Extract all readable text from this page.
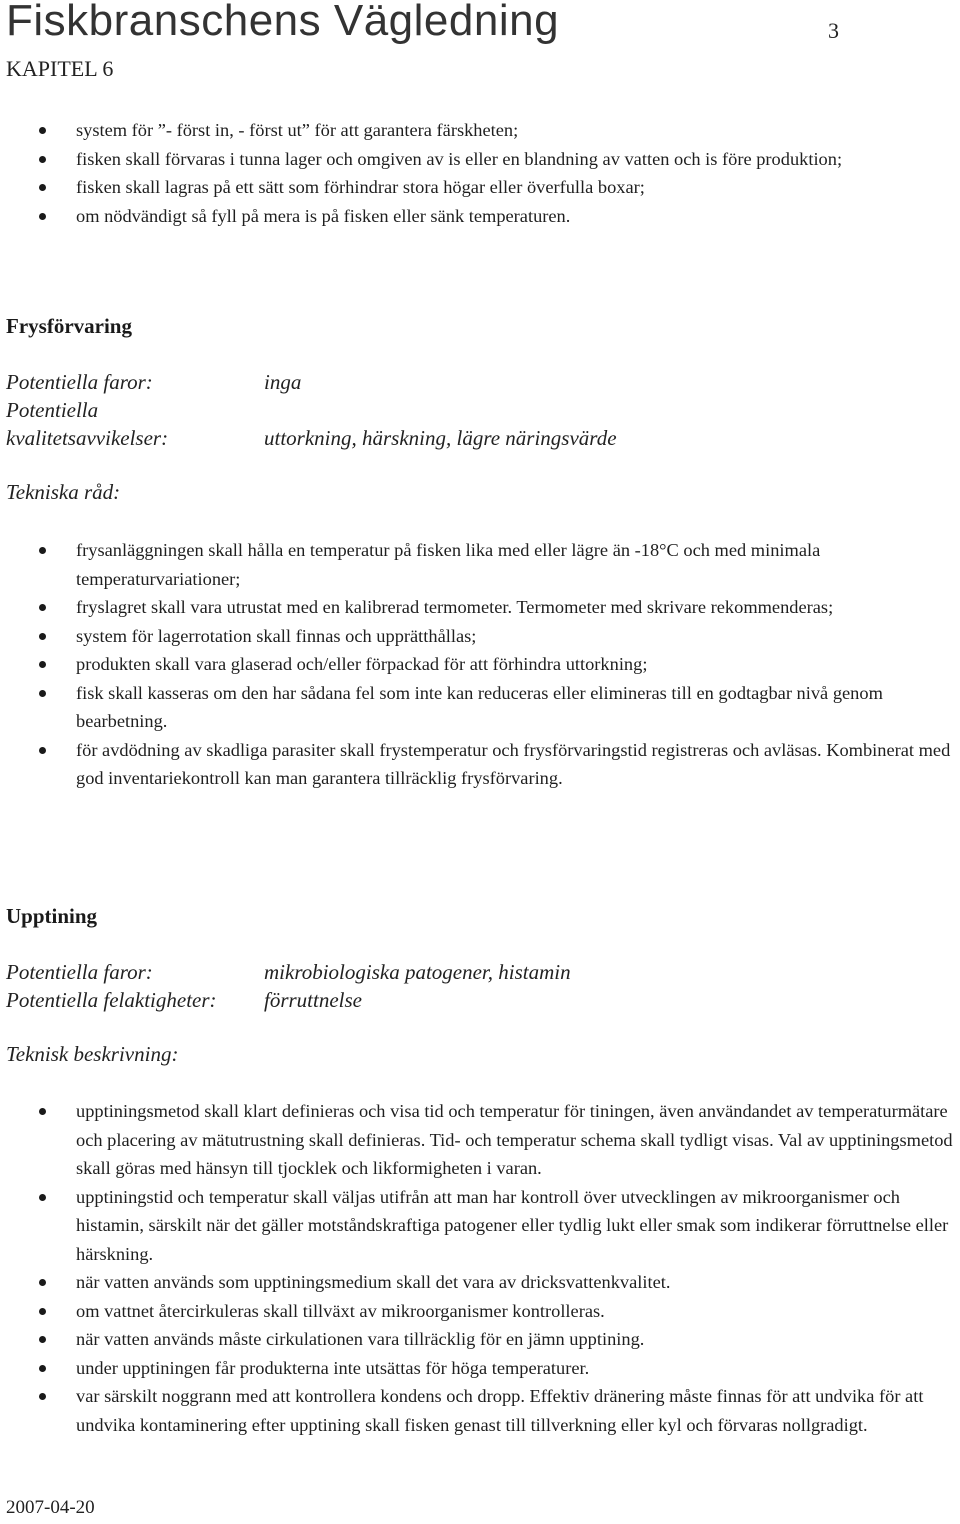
Fiskbranschens Vägledning	3
KAPITEL 6
system för ”- först in, - först ut” för att garantera färskheten;
fisken skall förvaras i tunna lager och omgiven av is eller en blandning av vatten och is före produktion;
fisken skall lagras på ett sätt som förhindrar stora högar eller överfulla boxar;
om nödvändigt så fyll på mera is på fisken eller sänk temperaturen.
Frysförvaring
Potentiella faror:	inga
Potentiella
kvalitetsavvikelser:	uttorkning, härskning, lägre näringsvärde
Tekniska råd:
frysanläggningen skall hålla en temperatur på fisken lika med eller lägre än -18°C och med minimala temperaturvariationer;
fryslagret skall vara utrustat med en kalibrerad termometer. Termometer med skrivare rekommenderas;
system för lagerrotation skall finnas och upprätthållas;
produkten skall vara glaserad och/eller förpackad för att förhindra uttorkning;
fisk skall kasseras om den har sådana fel som inte kan reduceras eller elimineras till en godtagbar nivå genom bearbetning.
för avdödning av skadliga parasiter skall frystemperatur och frysförvaringstid registreras och avläsas. Kombinerat med god inventariekontroll kan man garantera tillräcklig frysförvaring.
Upptining
Potentiella faror:	mikrobiologiska patogener, histamin
Potentiella felaktigheter: förruttnelse
Teknisk beskrivning:
upptiningsmetod skall klart definieras och visa tid och temperatur för tiningen, även användandet av temperaturmätare och placering av mätutrustning skall definieras. Tid- och temperatur schema skall tydligt visas. Val av upptiningsmetod skall göras med hänsyn till tjocklek och likformigheten i varan.
upptiningstid och temperatur skall väljas utifrån att man har kontroll över utvecklingen av mikroorganismer och histamin, särskilt när det gäller motståndskraftiga patogener eller tydlig lukt eller smak som indikerar förruttnelse eller härskning.
när vatten används som upptiningsmedium skall det vara av dricksvattenkvalitet.
om vattnet återcirkuleras skall tillväxt av mikroorganismer kontrolleras.
när vatten används måste cirkulationen vara tillräcklig för en jämn upptining.
under upptiningen får produkterna inte utsättas för höga temperaturer.
var särskilt noggrann med att kontrollera kondens och dropp. Effektiv dränering måste finnas för att undvika för att undvika kontaminering efter upptining skall fisken genast till tillverkning eller kyl och förvaras nollgradigt.
2007-04-20
